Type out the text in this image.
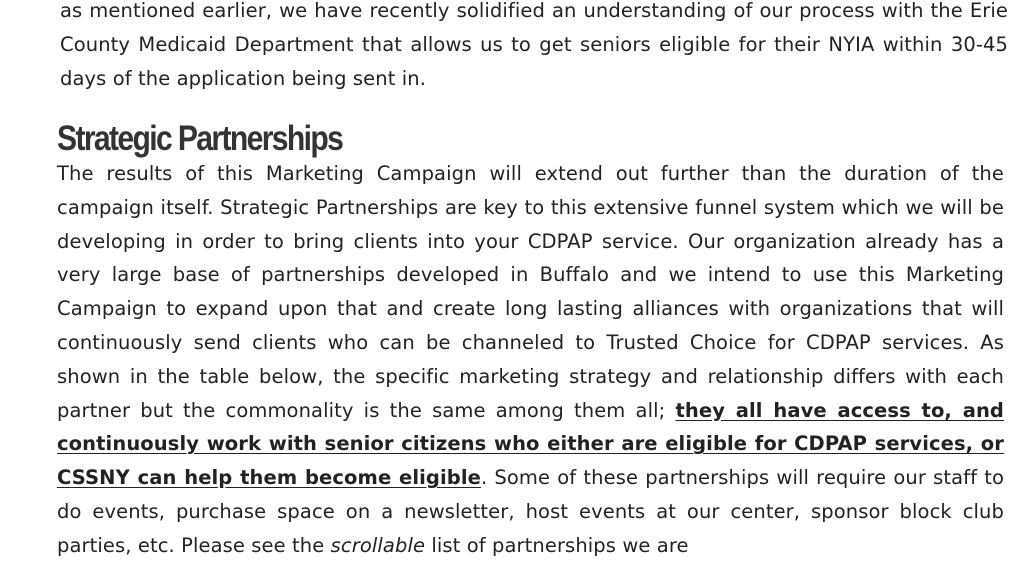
as mentioned earlier, we have recently solidified an understanding of our process with the Erie County Medicaid Department that allows us to get seniors eligible for their NYIA within 30-45 days of the application being sent in.

Strategic Partnerships

The results of this Marketing Campaign will extend out further than the duration of the campaign itself. Strategic Partnerships are key to this extensive funnel system which we will be developing in order to bring clients into your CDPAP service. Our organization already has a very large base of partnerships developed in Buffalo and we intend to use this Marketing Campaign to expand upon that and create long lasting alliances with organizations that will continuously send clients who can be channeled to Trusted Choice for CDPAP services. As shown in the table below, the specific marketing strategy and relationship differs with each partner but the commonality is the same among them all; they all have access to, and continuously work with senior citizens who either are eligible for CDPAP services, or CSSNY can help them become eligible. Some of these partnerships will require our staff to do events, purchase space on a newsletter, host events at our center, sponsor block club parties, etc. Please see the scrollable list of partnerships we are
